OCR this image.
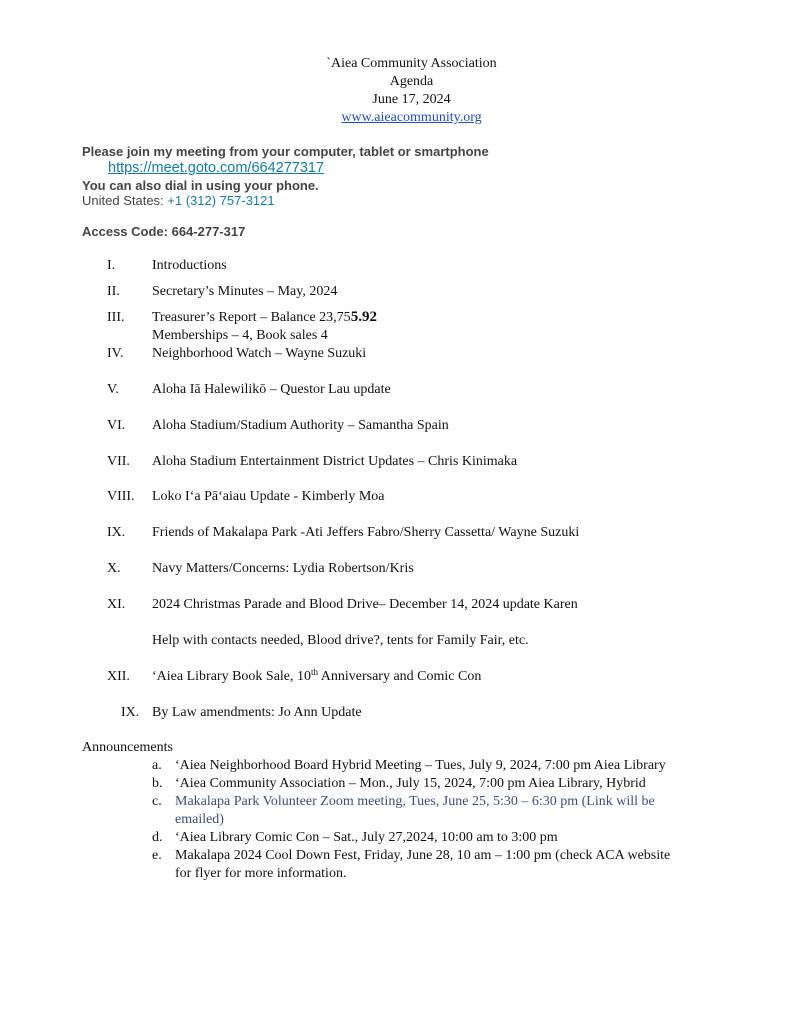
`Aiea Community Association
Agenda
June 17, 2024
www.aieacommunity.org
Please join my meeting from your computer, tablet or smartphone
https://meet.goto.com/664277317
You can also dial in using your phone.
United States: +1 (312) 757-3121
Access Code: 664-277-317
I.	Introductions
II. Secretary’s Minutes – May, 2024
III. Treasurer’s Report – Balance 23,755.92
Memberships – 4, Book sales 4
IV. Neighborhood Watch – Wayne Suzuki
V. Aloha Iā Halewilikō – Questor Lau update
VI. Aloha Stadium/Stadium Authority – Samantha Spain
VII. Aloha Stadium Entertainment District Updates – Chris Kinimaka
VIII. Loko Iʻa Pāʻaiau Update - Kimberly Moa
IX. Friends of Makalapa Park -Ati Jeffers Fabro/Sherry Cassetta/ Wayne Suzuki
X. Navy Matters/Concerns: Lydia Robertson/Kris
XI. 2024 Christmas Parade and Blood Drive– December 14, 2024 update Karen
Help with contacts needed, Blood drive?, tents for Family Fair, etc.
XII. ‘Aiea Library Book Sale, 10th Anniversary and Comic Con
IX. By Law amendments: Jo Ann Update
Announcements
a. ‘Aiea Neighborhood Board Hybrid Meeting – Tues, July 9, 2024, 7:00 pm Aiea Library
b. ‘Aiea Community Association – Mon., July 15, 2024, 7:00 pm Aiea Library, Hybrid
c. Makalapa Park Volunteer Zoom meeting, Tues, June 25, 5:30 – 6:30 pm (Link will be
emailed)
d. ‘Aiea Library Comic Con – Sat., July 27,2024, 10:00 am to 3:00 pm
e. Makalapa 2024 Cool Down Fest, Friday, June 28, 10 am – 1:00 pm (check ACA website
for flyer for more information.
